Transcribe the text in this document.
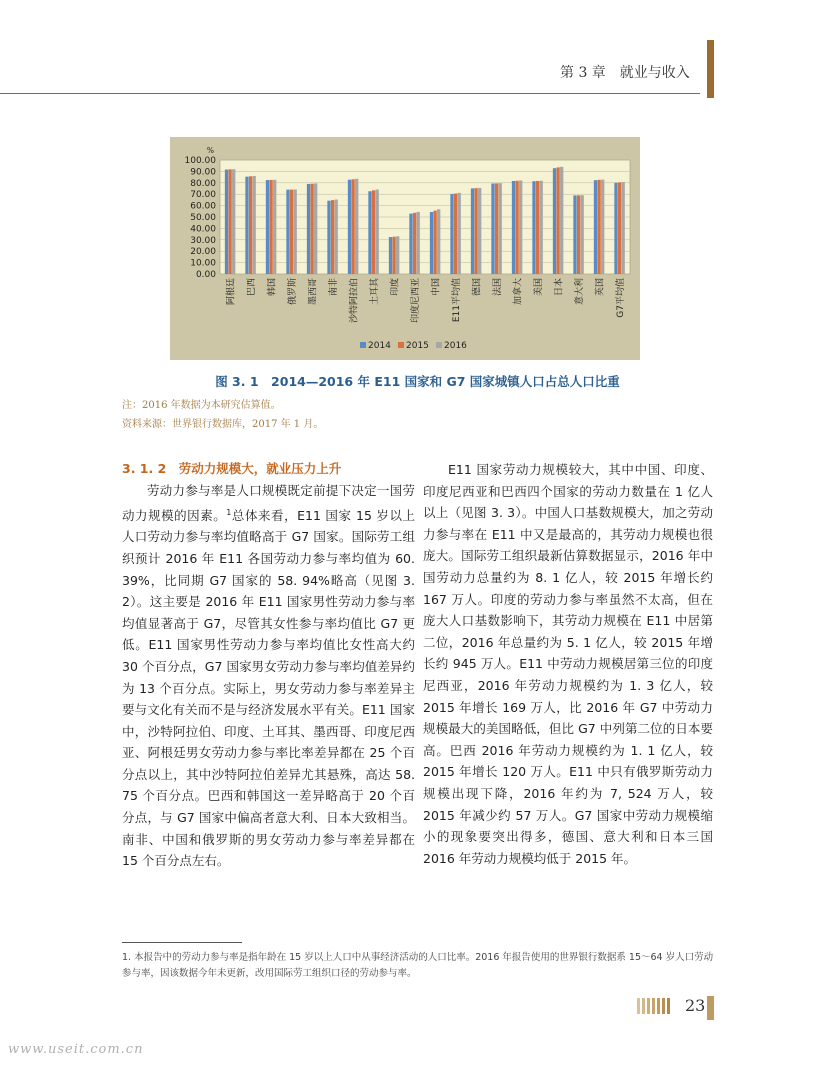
第 3 章　就业与收入
%
100.00
90.00
80.00
70.00
60.00
50.00
40.00
30.00
20.00
10.00
0.00
阿根廷 巴西 韩国 俄罗斯 墨西哥 南非 沙特阿拉伯 土耳其 印度 印度尼西亚 中国 E11平均值 德国 法国 加拿大 美国 日本 意大利 英国 G7平均值
2014 2015 2016
图 3. 1　2014—2016 年 E11 国家和 G7 国家城镇人口占总人口比重
注：2016 年数据为本研究估算值。
资料来源：世界银行数据库，2017 年 1 月。
3. 1. 2　劳动力规模大，就业压力上升

劳动力参与率是人口规模既定前提下决定一国劳动力规模的因素。$^1$总体来看，E11 国家 15 岁以上人口劳动力参与率均值略高于 G7 国家。国际劳工组织预计 2016 年 E11 各国劳动力参与率均值为 60. 39%，比同期 G7 国家的 58. 94%略高（见图 3. 2）。这主要是 2016 年 E11 国家男性劳动力参与率均值显著高于 G7，尽管其女性参与率均值比 G7 更低。E11 国家男性劳动力参与率均值比女性高大约 30 个百分点，G7 国家男女劳动力参与率均值差异约为 13 个百分点。实际上，男女劳动力参与率差异主要与文化有关而不是与经济发展水平有关。E11 国家中，沙特阿拉伯、印度、土耳其、墨西哥、印度尼西亚、阿根廷男女劳动力参与率比率差异都在 25 个百分点以上，其中沙特阿拉伯差异尤其悬殊，高达 58. 75 个百分点。巴西和韩国这一差异略高于 20 个百分点，与 G7 国家中偏高者意大利、日本大致相当。南非、中国和俄罗斯的男女劳动力参与率差异都在 15 个百分点左右。

E11 国家劳动力规模较大，其中中国、印度、印度尼西亚和巴西四个国家的劳动力数量在 1 亿人以上（见图 3. 3）。中国人口基数规模大，加之劳动力参与率在 E11 中又是最高的，其劳动力规模也很庞大。国际劳工组织最新估算数据显示，2016 年中国劳动力总量约为 8. 1 亿人，较 2015 年增长约 167 万人。印度的劳动力参与率虽然不太高，但在庞大人口基数影响下，其劳动力规模在 E11 中居第二位，2016 年总量约为 5. 1 亿人，较 2015 年增长约 945 万人。E11 中劳动力规模居第三位的印度尼西亚，2016 年劳动力规模约为 1. 3 亿人，较 2015 年增长 169 万人，比 2016 年 G7 中劳动力规模最大的美国略低，但比 G7 中列第二位的日本要高。巴西 2016 年劳动力规模约为 1. 1 亿人，较 2015 年增长 120 万人。E11 中只有俄罗斯劳动力规模出现下降，2016 年约为 7, 524 万人，较 2015 年减少约 57 万人。G7 国家中劳动力规模缩小的现象要突出得多，德国、意大利和日本三国 2016 年劳动力规模均低于 2015 年。

1. 本报告中的劳动力参与率是指年龄在 15 岁以上人口中从事经济活动的人口比率。2016 年报告使用的世界银行数据系 15～64 岁人口劳动参与率，因该数据今年未更新，改用国际劳工组织口径的劳动参与率。
23
www.useit.com.cn
